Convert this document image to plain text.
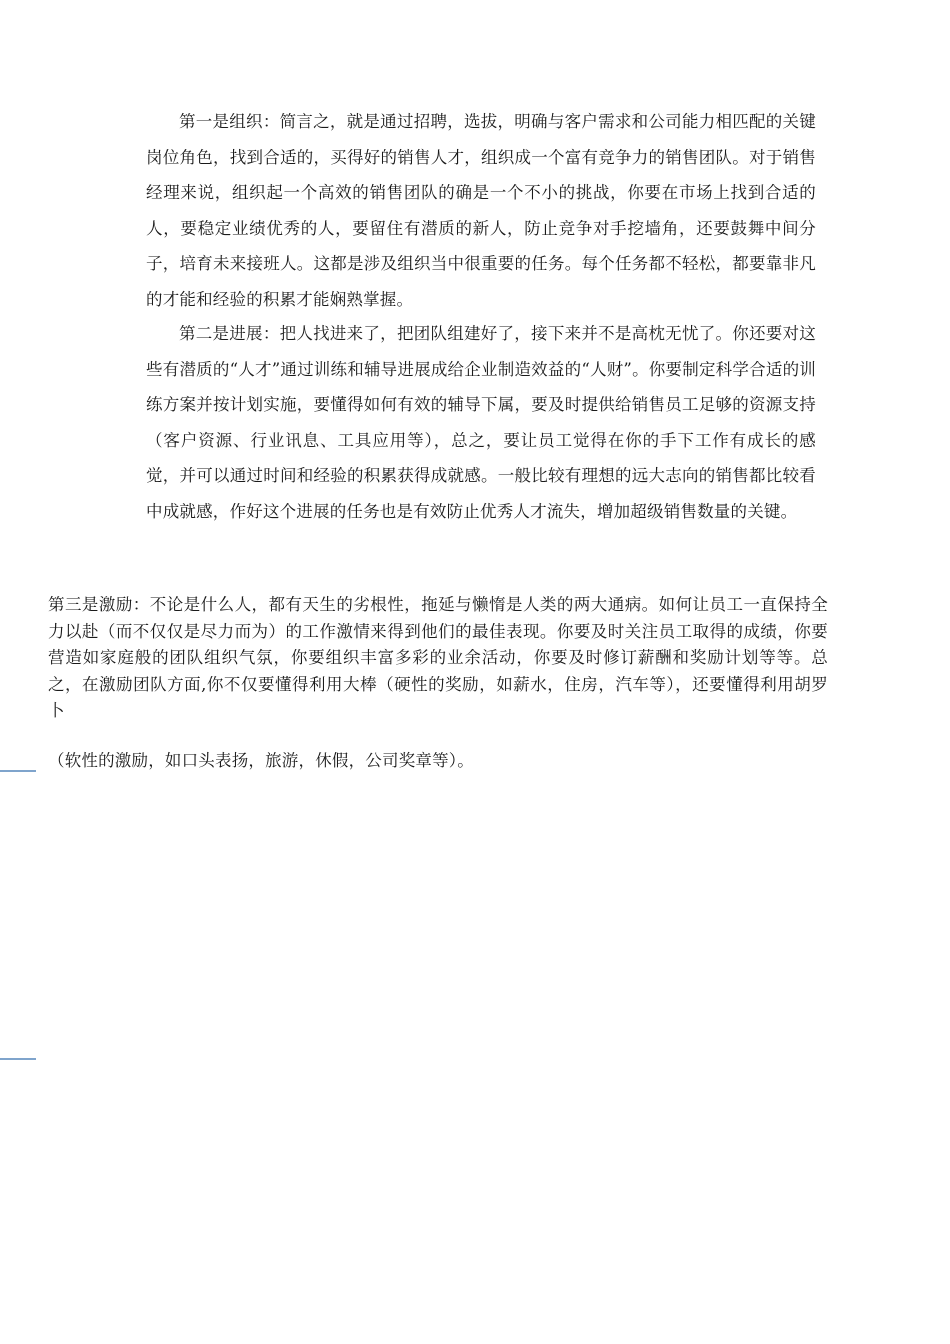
第一是组织：简言之，就是通过招聘，选拔，明确与客户需求和公司能力相匹配的关键岗位角色，找到合适的，买得好的销售人才，组织成一个富有竞争力的销售团队。对于销售经理来说，组织起一个高效的销售团队的确是一个不小的挑战，你要在市场上找到合适的人，要稳定业绩优秀的人，要留住有潜质的新人，防止竞争对手挖墙角，还要鼓舞中间分子，培育未来接班人。这都是涉及组织当中很重要的任务。每个任务都不轻松，都要靠非凡的才能和经验的积累才能娴熟掌握。

第二是进展：把人找进来了，把团队组建好了，接下来并不是高枕无忧了。你还要对这些有潜质的“人才”通过训练和辅导进展成给企业制造效益的“人财”。你要制定科学合适的训练方案并按计划实施，要懂得如何有效的辅导下属，要及时提供给销售员工足够的资源支持（客户资源、行业讯息、工具应用等），总之，要让员工觉得在你的手下工作有成长的感觉，并可以通过时间和经验的积累获得成就感。一般比较有理想的远大志向的销售都比较看中成就感，作好这个进展的任务也是有效防止优秀人才流失，增加超级销售数量的关键。

第三是激励：不论是什么人，都有天生的劣根性，拖延与懒惰是人类的两大通病。如何让员工一直保持全力以赴（而不仅仅是尽力而为）的工作激情来得到他们的最佳表现。你要及时关注员工取得的成绩，你要营造如家庭般的团队组织气氛，你要组织丰富多彩的业余活动，你要及时修订薪酬和奖励计划等等。总之，在激励团队方面,你不仅要懂得利用大棒（硬性的奖励，如薪水，住房，汽车等），还要懂得利用胡罗卜

（软性的激励，如口头表扬，旅游，休假，公司奖章等）。
